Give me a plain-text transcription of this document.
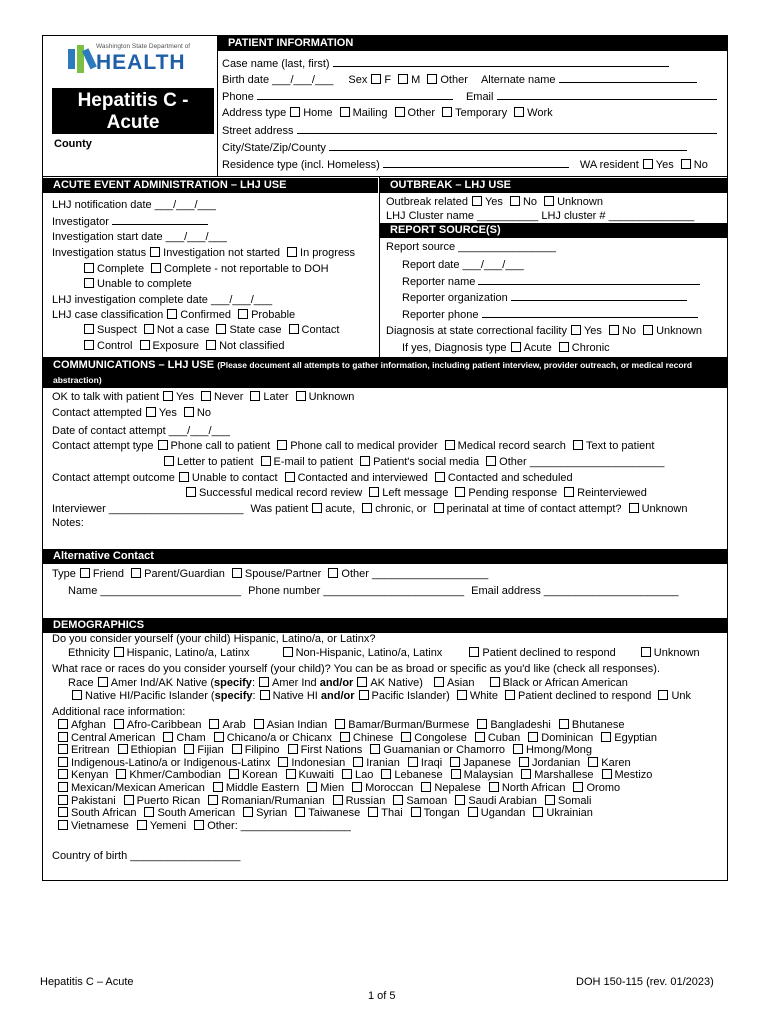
Washington State Department of
HEALTH
Hepatitis C -
Acute
County
PATIENT INFORMATION
Case name (last, first)
Birth date ___/___/___ Sex F M Other Alternate name
Phone	Email
Address type Home Mailing Other Temporary Work
Street address
City/State/Zip/County
Residence type (incl. Homeless)	WA resident Yes No
ACUTE EVENT ADMINISTRATION – LHJ USE	OUTBREAK – LHJ USE
LHJ notification date ___/___/___
Investigator
Investigation start date ___/___/___
Investigation status Investigation not started In progress
Complete Complete - not reportable to DOH
Unable to complete
LHJ investigation complete date ___/___/___
LHJ case classification Confirmed Probable
Suspect Not a case State case Contact
Control Exposure Not classified
Outbreak related Yes No Unknown
LHJ Cluster name __________ LHJ cluster # ______________
REPORT SOURCE(S)
Report source ________________
Report date ___/___/___
Reporter name
Reporter organization
Reporter phone
Diagnosis at state correctional facility Yes No Unknown
If yes, Diagnosis type Acute Chronic
COMMUNICATIONS – LHJ USE (Please document all attempts to gather information, including patient interview, provider outreach, or medical record
abstraction)
OK to talk with patient Yes Never Later Unknown
Contact attempted Yes No
Date of contact attempt ___/___/___
Contact attempt type Phone call to patient Phone call to medical provider Medical record search Text to patient
Letter to patient E-mail to patient Patient's social media Other ______________________
Contact attempt outcome Unable to contact Contacted and interviewed Contacted and scheduled
Successful medical record review Left message Pending response Reinterviewed
Interviewer ______________________ Was patient acute, chronic, or perinatal at time of contact attempt? Unknown
Notes:
Alternative Contact
Type Friend Parent/Guardian Spouse/Partner Other ___________________
Name _______________________ Phone number _______________________ Email address ______________________
DEMOGRAPHICS
Do you consider yourself (your child) Hispanic, Latino/a, or Latinx?
Ethnicity Hispanic, Latino/a, Latinx	Non-Hispanic, Latino/a, Latinx	Patient declined to respond	Unknown
What race or races do you consider yourself (your child)? You can be as broad or specific as you'd like (check all responses).
Race Amer Ind/AK Native (specify: Amer Ind and/or AK Native) Asian	Black or African American
Native HI/Pacific Islander (specify: Native HI and/or Pacific Islander) White Patient declined to respond Unk
Additional race information:
Afghan Afro-Caribbean Arab Asian Indian Bamar/Burman/Burmese Bangladeshi Bhutanese
Central American Cham Chicano/a or Chicanx Chinese Congolese Cuban Dominican Egyptian
Eritrean Ethiopian Fijian Filipino First Nations Guamanian or Chamorro Hmong/Mong
Indigenous-Latino/a or Indigenous-Latinx Indonesian Iranian Iraqi Japanese Jordanian Karen
Kenyan Khmer/Cambodian Korean Kuwaiti Lao Lebanese Malaysian Marshallese Mestizo
Mexican/Mexican American Middle Eastern Mien Moroccan Nepalese North African Oromo
Pakistani Puerto Rican Romanian/Rumanian Russian Samoan Saudi Arabian Somali
South African South American Syrian Taiwanese Thai Tongan Ugandan Ukrainian
Vietnamese Yemeni Other: __________________
Country of birth __________________
Hepatitis C – Acute	DOH 150-115 (rev. 01/2023)
1 of 5
